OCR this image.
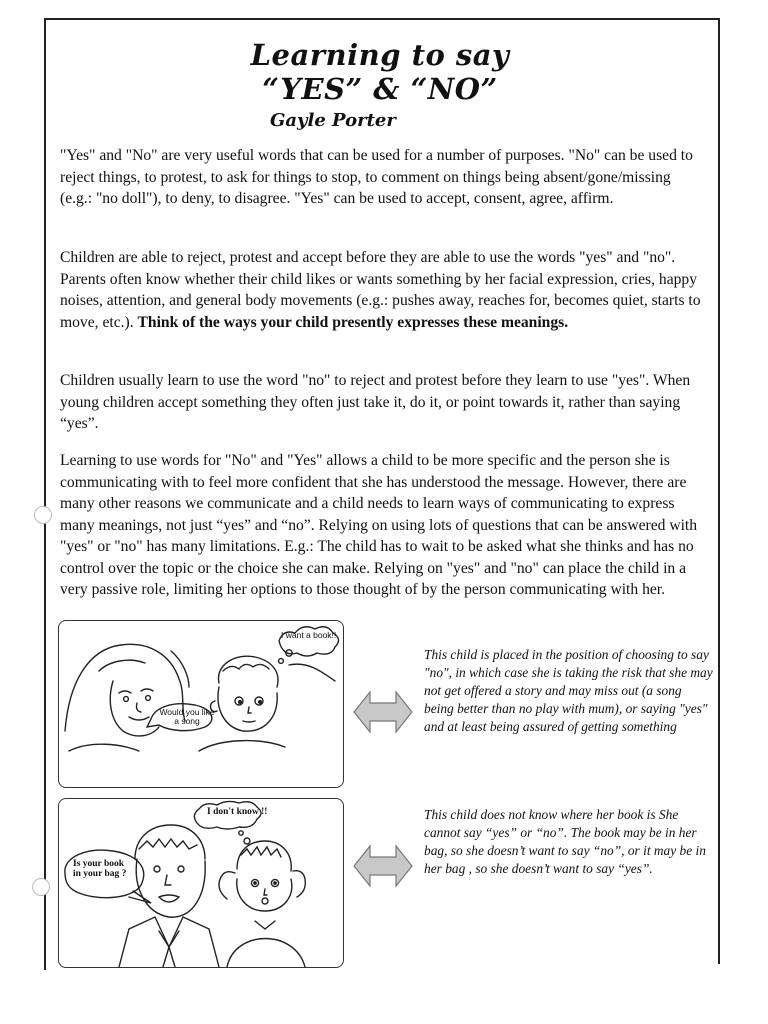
Learning to say
“YES” & “NO”
Gayle Porter

"Yes" and "No" are very useful words that can be used for a number of purposes. "No" can be used to reject things, to protest, to ask for things to stop, to comment on things being absent/gone/missing (e.g.: "no doll"), to deny, to disagree. "Yes" can be used to accept, consent, agree, affirm.

Children are able to reject, protest and accept before they are able to use the words "yes" and "no". Parents often know whether their child likes or wants something by her facial expression, cries, happy noises, attention, and general body movements (e.g.: pushes away, reaches for, becomes quiet, starts to move, etc.). Think of the ways your child presently expresses these meanings.

Children usually learn to use the word "no" to reject and protest before they learn to use "yes". When young children accept something they often just take it, do it, or point towards it, rather than saying “yes”.

Learning to use words for "No" and "Yes" allows a child to be more specific and the person she is communicating with to feel more confident that she has understood the message. However, there are many other reasons we communicate and a child needs to learn ways of communicating to express many meanings, not just “yes” and “no”. Relying on using lots of questions that can be answered with "yes" or "no" has many limitations. E.g.: The child has to wait to be asked what she thinks and has no control over the topic or the choice she can make. Relying on "yes" and "no" can place the child in a very passive role, limiting her options to those thought of by the person communicating with her.

I want a book!!
Would you like a song

This child is placed in the position of choosing to say "no", in which case she is taking the risk that she may not get offered a story and may miss out (a song being better than no play with mum), or saying "yes" and at least being assured of getting something

I don't know !!
Is your book in your bag ?

This child does not know where her book is She cannot say “yes” or “no”. The book may be in her bag, so she doesn’t want to say “no”, or it may be in her bag , so she doesn’t want to say “yes”.
